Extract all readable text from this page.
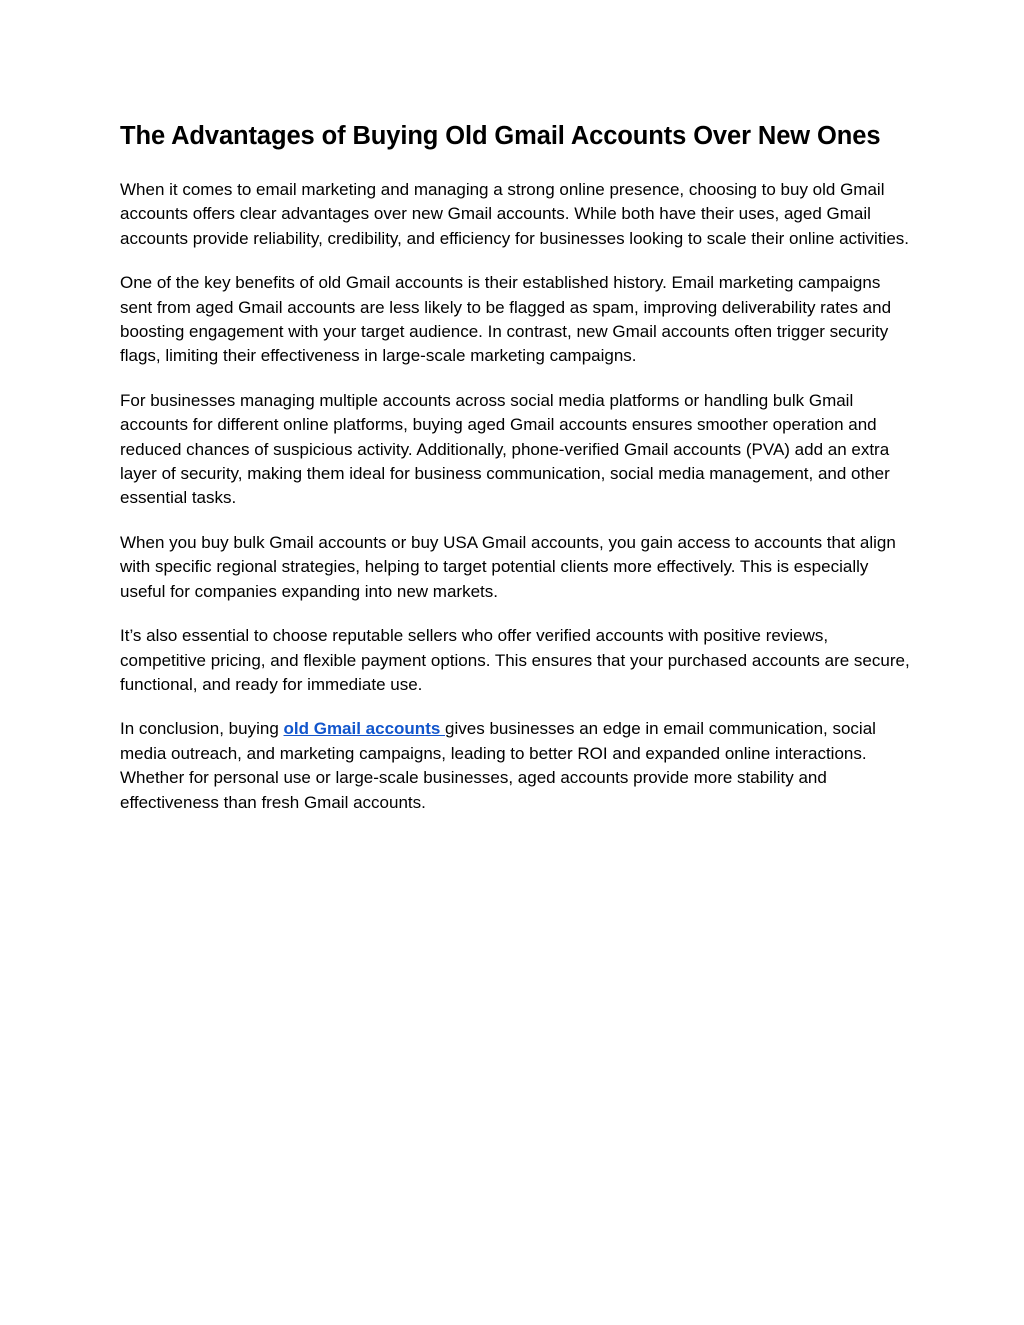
The Advantages of Buying Old Gmail Accounts Over New Ones

When it comes to email marketing and managing a strong online presence, choosing to buy old Gmail accounts offers clear advantages over new Gmail accounts. While both have their uses, aged Gmail accounts provide reliability, credibility, and efficiency for businesses looking to scale their online activities.

One of the key benefits of old Gmail accounts is their established history. Email marketing campaigns sent from aged Gmail accounts are less likely to be flagged as spam, improving deliverability rates and boosting engagement with your target audience. In contrast, new Gmail accounts often trigger security flags, limiting their effectiveness in large-scale marketing campaigns.

For businesses managing multiple accounts across social media platforms or handling bulk Gmail accounts for different online platforms, buying aged Gmail accounts ensures smoother operation and reduced chances of suspicious activity. Additionally, phone-verified Gmail accounts (PVA) add an extra layer of security, making them ideal for business communication, social media management, and other essential tasks.

When you buy bulk Gmail accounts or buy USA Gmail accounts, you gain access to accounts that align with specific regional strategies, helping to target potential clients more effectively. This is especially useful for companies expanding into new markets.

It’s also essential to choose reputable sellers who offer verified accounts with positive reviews, competitive pricing, and flexible payment options. This ensures that your purchased accounts are secure, functional, and ready for immediate use.

In conclusion, buying old Gmail accounts gives businesses an edge in email communication, social media outreach, and marketing campaigns, leading to better ROI and expanded online interactions. Whether for personal use or large-scale businesses, aged accounts provide more stability and effectiveness than fresh Gmail accounts.
